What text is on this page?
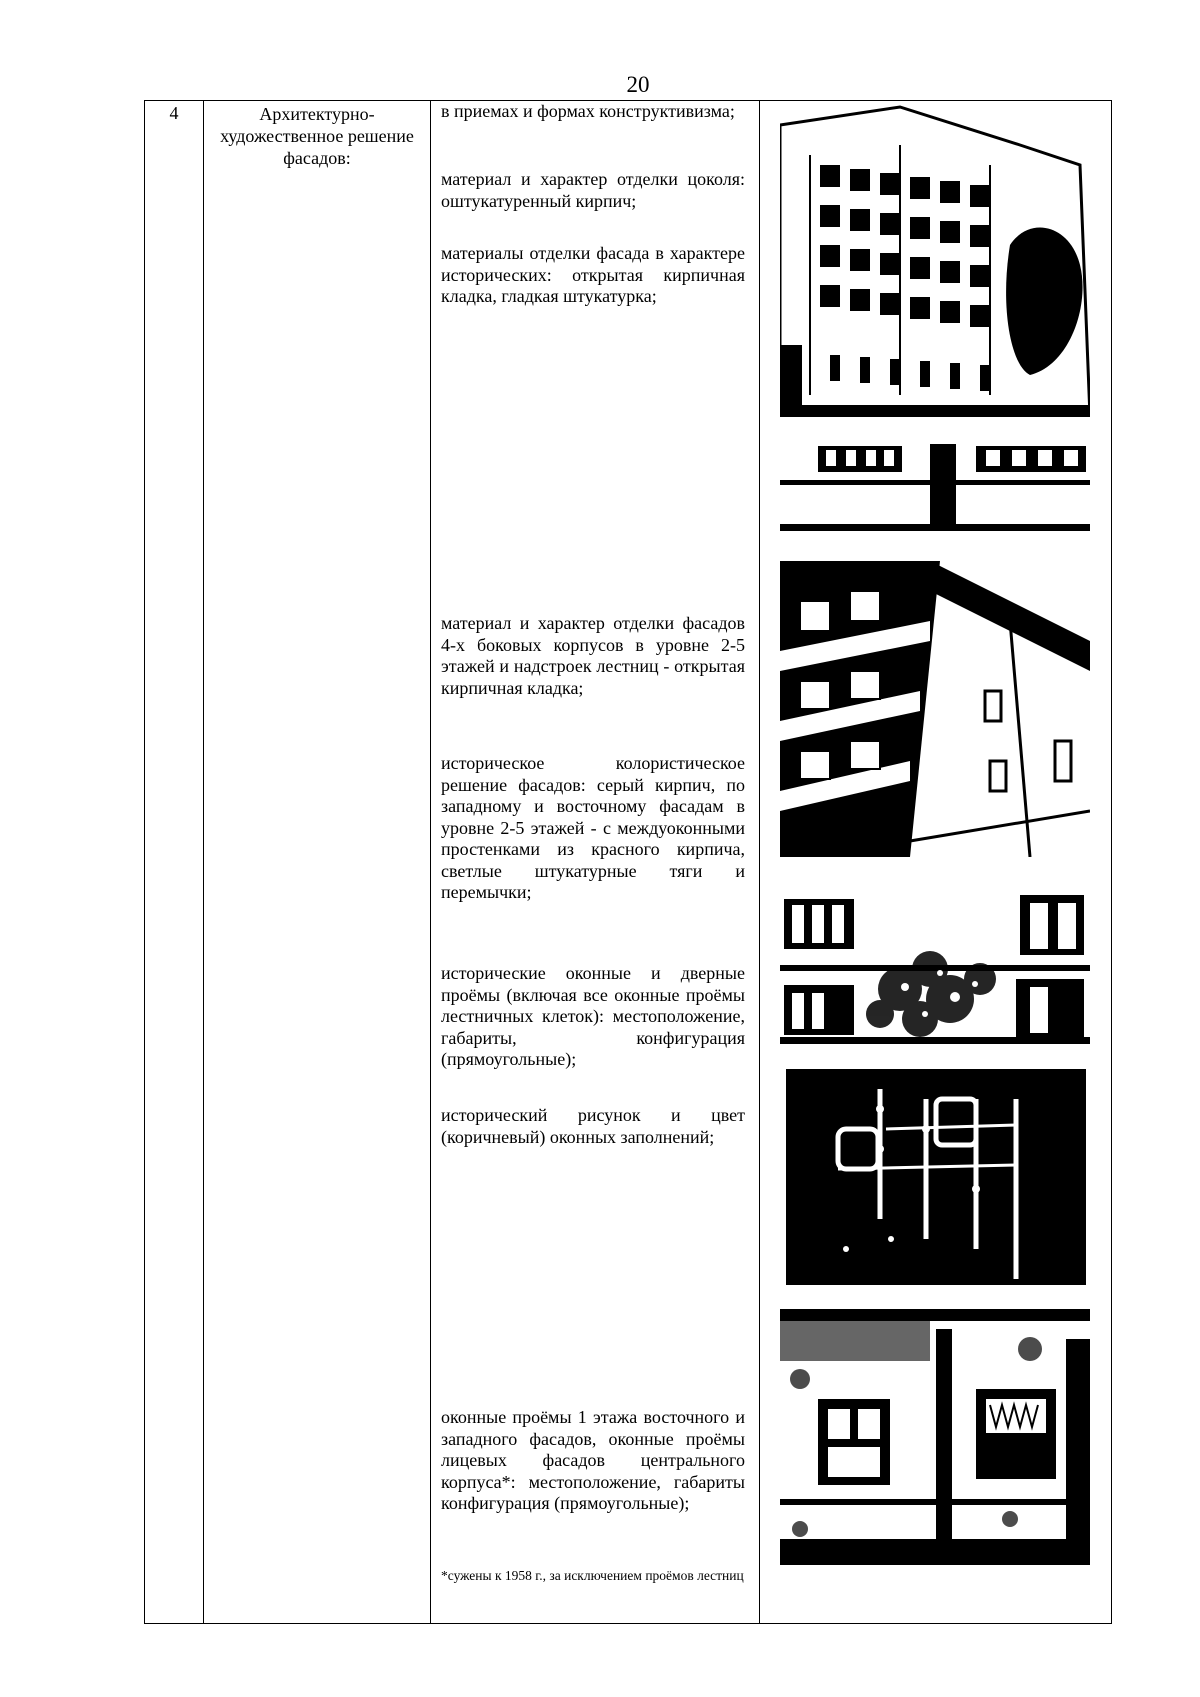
20
4	Архитектурно-художественное решение фасадов:

в приемах и формах конструктивизма;
материал и характер отделки цоколя: оштукатуренный кирпич;
материалы отделки фасада в характере исторических: открытая кирпичная кладка, гладкая штукатурка;
материал и характер отделки фасадов 4-х боковых корпусов в уровне 2-5 этажей и надстроек лестниц - открытая кирпичная кладка;
историческое колористическое решение фасадов: серый кирпич, по западному и восточному фасадам в уровне 2-5 этажей - с междуоконными простенками из красного кирпича, светлые штукатурные тяги и перемычки;
исторические оконные и дверные проёмы (включая все оконные проёмы лестничных клеток): местоположение, габариты, конфигурация (прямоугольные);
исторический рисунок и цвет (коричневый) оконных заполнений;
оконные проёмы 1 этажа восточного и западного фасадов, оконные проёмы лицевых фасадов центрального корпуса*: местоположение, габариты конфигурация (прямоугольные);
*сужены к 1958 г., за исключением проёмов лестниц
